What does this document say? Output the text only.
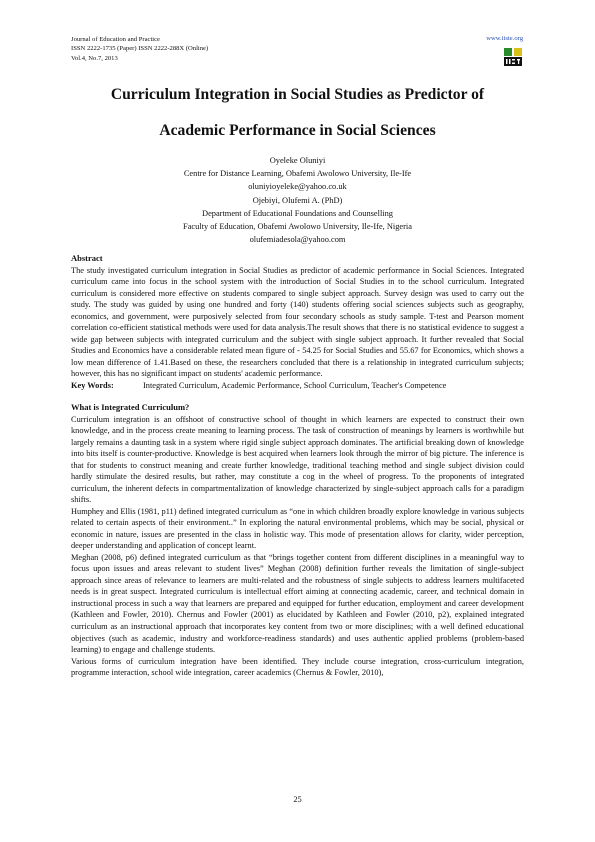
Journal of Education and Practice
ISSN 2222-1735 (Paper) ISSN 2222-288X (Online)
Vol.4, No.7, 2013
www.iiste.org
Curriculum Integration in Social Studies as Predictor of
Academic Performance in Social Sciences
Oyeleke Oluniyi
Centre for Distance Learning, Obafemi Awolowo University, Ile-Ife
oluniyioyeleke@yahoo.co.uk
Ojebiyi, Olufemi A. (PhD)
Department of Educational Foundations and Counselling
Faculty of Education, Obafemi Awolowo University, Ile-Ife, Nigeria
olufemiadesola@yahoo.com
Abstract

The study investigated curriculum integration in Social Studies as predictor of academic performance in Social Sciences. Integrated curriculum came into focus in the school system with the introduction of Social Studies in to the school curriculum. Integrated curriculum is considered more effective on students compared to single subject approach. Survey design was used to carry out the study. The study was guided by using one hundred and forty (140) students offering social sciences subjects such as geography, economics, and government, were purposively selected from four secondary schools as study sample. T-test and Pearson moment correlation co-efficient statistical methods were used for data analysis.The result shows that there is no statistical evidence to suggest a wide gap between subjects with integrated curriculum and the subject with single subject approach. It further revealed that Social Studies and Economics have a considerable related mean figure of - 54.25 for Social Studies and 55.67 for Economics, which shows a low mean difference of 1.41.Based on these, the researchers concluded that there is a relationship in integrated curriculum subjects; however, this has no significant impact on students' academic performance.

Key Words:	Integrated Curriculum, Academic Performance, School Curriculum, Teacher's Competence
What is Integrated Curriculum?

Curriculum integration is an offshoot of constructive school of thought in which learners are expected to construct their own knowledge, and in the process create meaning to learning process. The task of construction of meanings by learners is worthwhile but largely remains a daunting task in a system where rigid single subject approach dominates. The artificial breaking down of knowledge into bits itself is counter-productive. Knowledge is best acquired when learners look through the mirror of big picture. The inference is that for students to construct meaning and create further knowledge, traditional teaching method and single subject division could hardly stimulate the desired results, but rather, may constitute a cog in the wheel of progress. To the proponents of integrated curriculum, the inherent defects in compartmentalization of knowledge characterized by single-subject approach calls for a paradigm shifts.

Humphey and Ellis (1981, p11) defined integrated curriculum as “one in which children broadly explore knowledge in various subjects related to certain aspects of their environment..” In exploring the natural environmental problems, which may be social, physical or economic in nature, issues are presented in the class in holistic way. This mode of presentation allows for clarity, wider perception, deeper understanding and application of concept learnt.

Meghan (2008, p6) defined integrated curriculum as that “brings together content from different disciplines in a meaningful way to focus upon issues and areas relevant to student lives” Meghan (2008) definition further reveals the limitation of single-subject approach since areas of relevance to learners are multi-related and the robustness of single subjects to address learners multifaceted needs is in great suspect. Integrated curriculum is intellectual effort aiming at connecting academic, career, and technical domain in instructional process in such a way that learners are prepared and equipped for further education, employment and career development (Kathleen and Fowler, 2010). Chernus and Fowler (2001) as elucidated by Kathleen and Fowler (2010, p2), explained integrated curriculum as an instructional approach that incorporates key content from two or more disciplines; with a well defined educational objectives (such as academic, industry and workforce-readiness standards) and uses authentic applied problems (problem-based learning) to engage and challenge students.

Various forms of curriculum integration have been identified. They include course integration, cross-curriculum integration, programme interaction, school wide integration, career academics (Chernus & Fowler, 2010),

25
